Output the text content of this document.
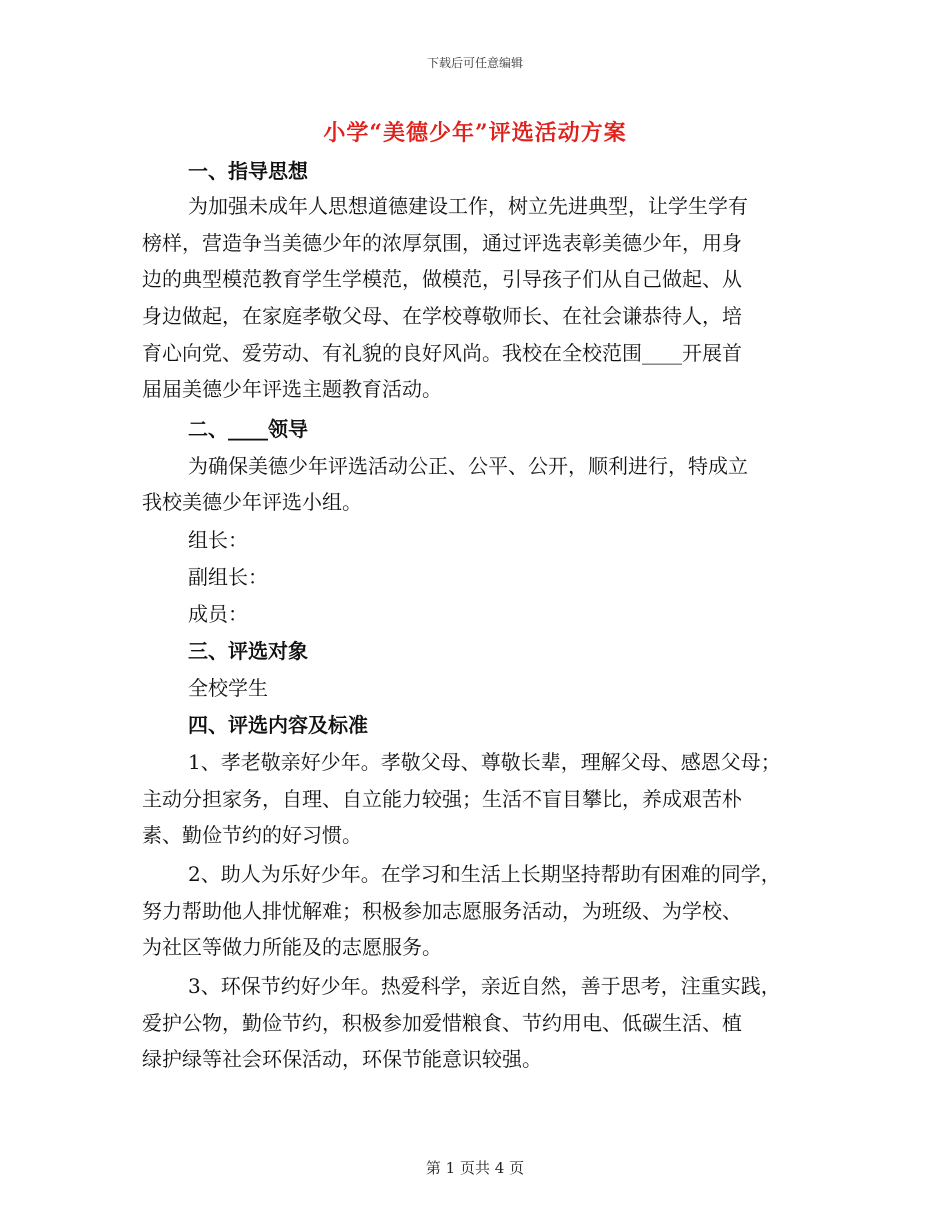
下载后可任意编辑
小学“美德少年”评选活动方案
一、指导思想
为加强未成年人思想道德建设工作，树立先进典型，让学生学有
榜样，营造争当美德少年的浓厚氛围，通过评选表彰美德少年，用身
边的典型模范教育学生学模范，做模范，引导孩子们从自己做起、从
身边做起，在家庭孝敬父母、在学校尊敬师长、在社会谦恭待人，培
育心向党、爱劳动、有礼貌的良好风尚。我校在全校范围____开展首
届届美德少年评选主题教育活动。
二、____领导
为确保美德少年评选活动公正、公平、公开，顺利进行，特成立
我校美德少年评选小组。
组长：
副组长：
成员：
三、评选对象
全校学生
四、评选内容及标准
1、孝老敬亲好少年。孝敬父母、尊敬长辈，理解父母、感恩父母；
主动分担家务，自理、自立能力较强；生活不盲目攀比，养成艰苦朴
素、勤俭节约的好习惯。
2、助人为乐好少年。在学习和生活上长期坚持帮助有困难的同学，
努力帮助他人排忧解难；积极参加志愿服务活动，为班级、为学校、
为社区等做力所能及的志愿服务。
3、环保节约好少年。热爱科学，亲近自然，善于思考，注重实践，
爱护公物，勤俭节约，积极参加爱惜粮食、节约用电、低碳生活、植
绿护绿等社会环保活动，环保节能意识较强。
第 1 页共 4 页
